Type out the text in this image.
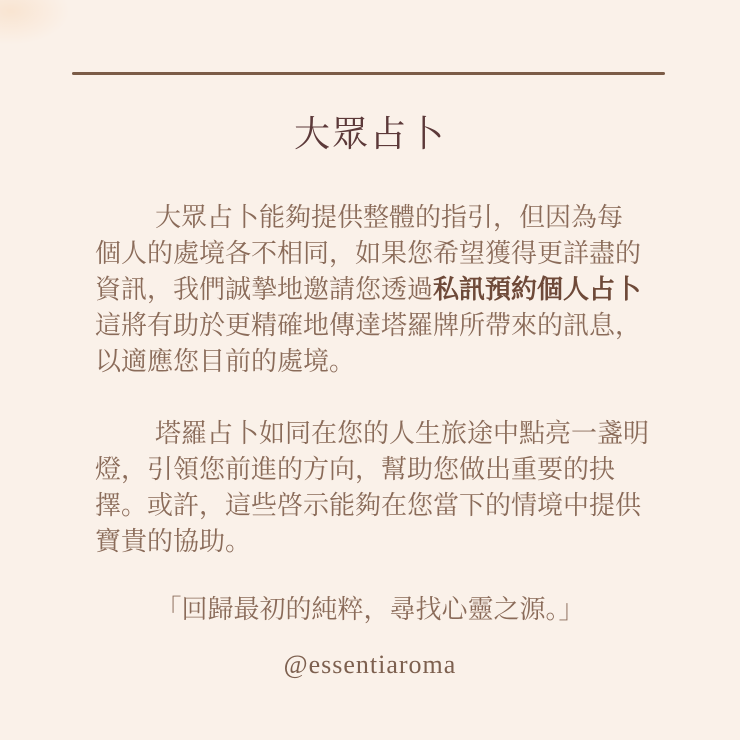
大眾占卜
大眾占卜能夠提供整體的指引，但因為每
個人的處境各不相同，如果您希望獲得更詳盡的
資訊，我們誠摯地邀請您透過私訊預約個人占卜
這將有助於更精確地傳達塔羅牌所帶來的訊息，
以適應您目前的處境。
塔羅占卜如同在您的人生旅途中點亮一盞明
燈，引領您前進的方向，幫助您做出重要的抉
擇。或許，這些啓示能夠在您當下的情境中提供
寶貴的協助。
「回歸最初的純粹，尋找心靈之源。」
@essentiaroma
